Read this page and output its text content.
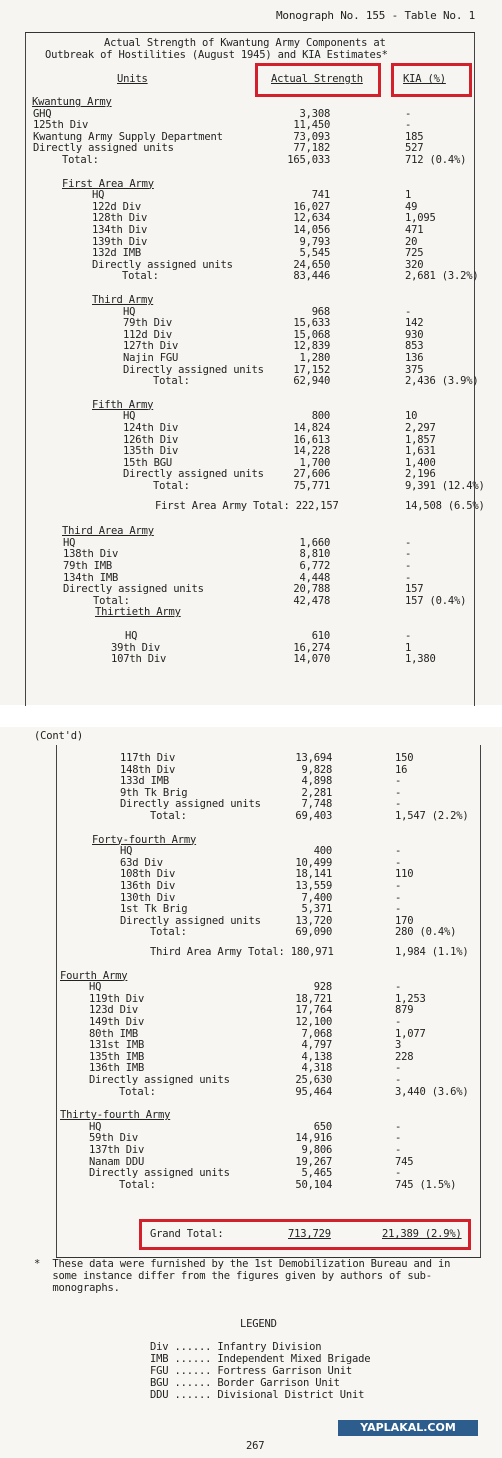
Monograph No. 155 - Table No. 1
Actual Strength of Kwantung Army Components at
Outbreak of Hostilities (August 1945) and KIA Estimates*
Units	Actual Strength	KIA (%)
Kwantung Army
GHQ	3,308	-
125th Div	11,450	-
Kwantung Army Supply Department	73,093	185
Directly assigned units	77,182	527
Total:	165,033	712 (0.4%)
First Area Army
HQ	741	1
122d Div	16,027	49
128th Div	12,634	1,095
134th Div	14,056	471
139th Div	9,793	20
132d IMB	5,545	725
Directly assigned units	24,650	320
Total:	83,446	2,681 (3.2%)
Third Army
HQ	968	-
79th Div	15,633	142
112d Div	15,068	930
127th Div	12,839	853
Najin FGU	1,280	136
Directly assigned units	17,152	375
Total:	62,940	2,436 (3.9%)
Fifth Army
HQ	800	10
124th Div	14,824	2,297
126th Div	16,613	1,857
135th Div	14,228	1,631
15th BGU	1,700	1,400
Directly assigned units	27,606	2,196
Total:	75,771	9,391 (12.4%)
First Area Army Total: 222,157	14,508 (6.5%)
Third Area Army
HQ	1,660	-
138th Div	8,810	-
79th IMB	6,772	-
134th IMB	4,448	-
Directly assigned units	20,788	157
Total:	42,478	157 (0.4%)
Thirtieth Army
HQ	610	-
39th Div	16,274	1
107th Div	14,070	1,380
(Cont'd)
117th Div	13,694	150
148th Div	9,828	16
133d IMB	4,898	-
9th Tk Brig	2,281	-
Directly assigned units	7,748	-
Total:	69,403	1,547 (2.2%)
Forty-fourth Army
HQ	400	-
63d Div	10,499	-
108th Div	18,141	110
136th Div	13,559	-
130th Div	7,400	-
1st Tk Brig	5,371	-
Directly assigned units	13,720	170
Total:	69,090	280 (0.4%)
Third Area Army Total: 180,971	1,984 (1.1%)
Fourth Army
HQ	928	-
119th Div	18,721	1,253
123d Div	17,764	879
149th Div	12,100	-
80th IMB	7,068	1,077
131st IMB	4,797	3
135th IMB	4,138	228
136th IMB	4,318	-
Directly assigned units	25,630	-
Total:	95,464	3,440 (3.6%)
Thirty-fourth Army
HQ	650	-
59th Div	14,916	-
137th Div	9,806	-
Nanam DDU	19,267	745
Directly assigned units	5,465	-
Total:	50,104	745 (1.5%)
Grand Total:	713,729	21,389 (2.9%)
*  These data were furnished by the 1st Demobilization Bureau and in
some instance differ from the figures given by authors of sub-
monographs.
LEGEND
Div ...... Infantry Division
IMB ...... Independent Mixed Brigade
FGU ...... Fortress Garrison Unit
BGU ...... Border Garrison Unit
DDU ...... Divisional District Unit
267
YAPLAKAL.COM
